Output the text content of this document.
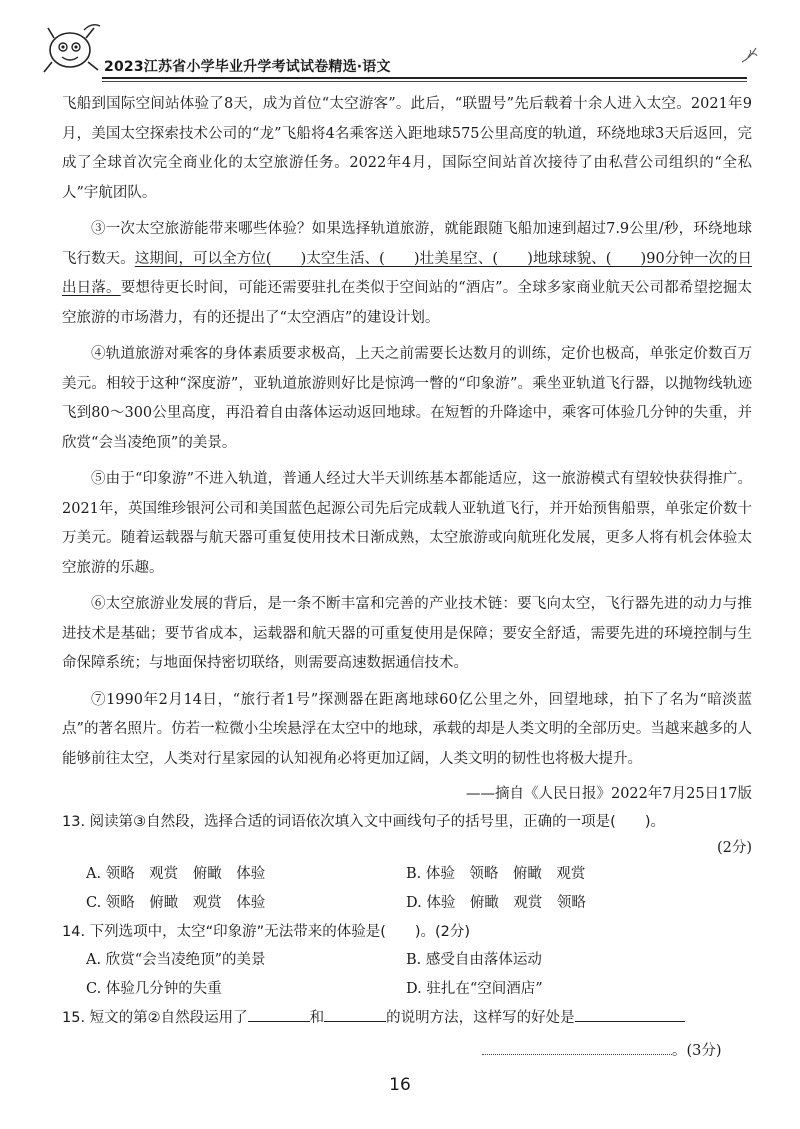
2023江苏省小学毕业升学考试试卷精选·语文

飞船到国际空间站体验了8天，成为首位“太空游客”。此后，“联盟号”先后载着十余人进入太空。2021年9月，美国太空探索技术公司的“龙”飞船将4名乘客送入距地球575公里高度的轨道，环绕地球3天后返回，完成了全球首次完全商业化的太空旅游任务。2022年4月，国际空间站首次接待了由私营公司组织的“全私人”宇航团队。

③一次太空旅游能带来哪些体验？如果选择轨道旅游，就能跟随飞船加速到超过7.9公里/秒，环绕地球飞行数天。这期间，可以全方位(　　)太空生活、(　　)壮美星空、(　　)地球球貌、(　　)90分钟一次的日出日落。要想待更长时间，可能还需要驻扎在类似于空间站的“酒店”。全球多家商业航天公司都希望挖掘太空旅游的市场潜力，有的还提出了“太空酒店”的建设计划。

④轨道旅游对乘客的身体素质要求极高，上天之前需要长达数月的训练，定价也极高，单张定价数百万美元。相较于这种“深度游”，亚轨道旅游则好比是惊鸿一瞥的“印象游”。乘坐亚轨道飞行器，以抛物线轨迹飞到80～300公里高度，再沿着自由落体运动返回地球。在短暂的升降途中，乘客可体验几分钟的失重，并欣赏“会当凌绝顶”的美景。

⑤由于“印象游”不进入轨道，普通人经过大半天训练基本都能适应，这一旅游模式有望较快获得推广。2021年，英国维珍银河公司和美国蓝色起源公司先后完成载人亚轨道飞行，并开始预售船票，单张定价数十万美元。随着运载器与航天器可重复使用技术日渐成熟，太空旅游或向航班化发展，更多人将有机会体验太空旅游的乐趣。

⑥太空旅游业发展的背后，是一条不断丰富和完善的产业技术链：要飞向太空，飞行器先进的动力与推进技术是基础；要节省成本，运载器和航天器的可重复使用是保障；要安全舒适，需要先进的环境控制与生命保障系统；与地面保持密切联络，则需要高速数据通信技术。

⑦1990年2月14日，“旅行者1号”探测器在距离地球60亿公里之外，回望地球，拍下了名为“暗淡蓝点”的著名照片。仿若一粒微小尘埃悬浮在太空中的地球，承载的却是人类文明的全部历史。当越来越多的人能够前往太空，人类对行星家园的认知视角必将更加辽阔，人类文明的韧性也将极大提升。

——摘自《人民日报》2022年7月25日17版
13. 阅读第③自然段，选择合适的词语依次填入文中画线句子的括号里，正确的一项是(　　)。
(2分)
A. 领略　观赏　俯瞰　体验	B. 体验　领略　俯瞰　观赏
C. 领略　俯瞰　观赏　体验	D. 体验　俯瞰　观赏　领略
14. 下列选项中，太空“印象游”无法带来的体验是(　　)。(2分)
A. 欣赏“会当凌绝顶”的美景	B. 感受自由落体运动
C. 体验几分钟的失重	D. 驻扎在“空间酒店”
15. 短文的第②自然段运用了	和	的说明方法，这样写的好处是
。(3分)
16
